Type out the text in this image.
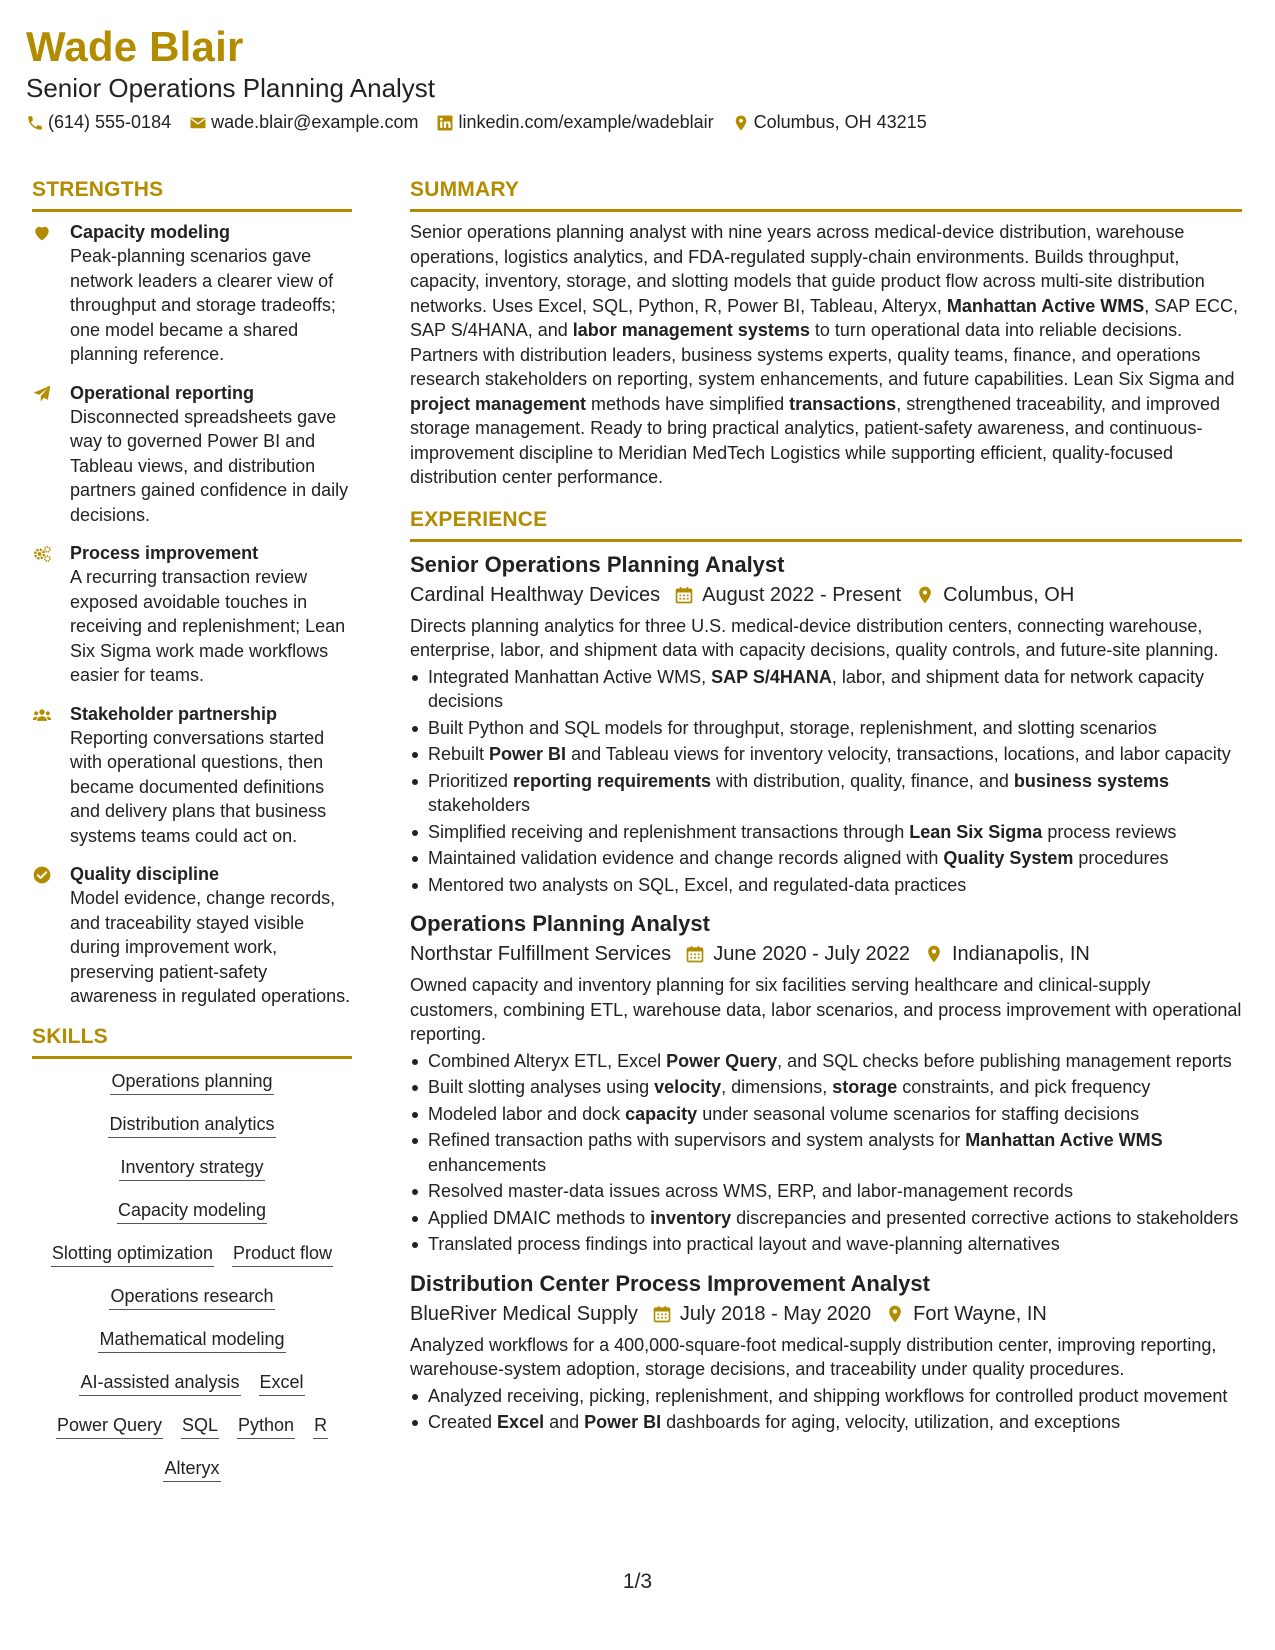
Wade Blair
Senior Operations Planning Analyst
(614) 555-0184 wade.blair@example.com linkedin.com/example/wadeblair Columbus, OH 43215
STRENGTHS
Capacity modeling
Peak-planning scenarios gave network leaders a clearer view of throughput and storage tradeoffs; one model became a shared planning reference.
Operational reporting
Disconnected spreadsheets gave way to governed Power BI and Tableau views, and distribution partners gained confidence in daily decisions.
Process improvement
A recurring transaction review exposed avoidable touches in receiving and replenishment; Lean Six Sigma work made workflows easier for teams.
Stakeholder partnership
Reporting conversations started with operational questions, then became documented definitions and delivery plans that business systems teams could act on.
Quality discipline
Model evidence, change records, and traceability stayed visible during improvement work, preserving patient-safety awareness in regulated operations.
SKILLS
Operations planning
Distribution analytics
Inventory strategy
Capacity modeling
Slotting optimization Product flow
Operations research
Mathematical modeling
AI-assisted analysis Excel
Power Query SQL Python R
Alteryx
SUMMARY
Senior operations planning analyst with nine years across medical-device distribution, warehouse operations, logistics analytics, and FDA-regulated supply-chain environments. Builds throughput, capacity, inventory, storage, and slotting models that guide product flow across multi-site distribution networks. Uses Excel, SQL, Python, R, Power BI, Tableau, Alteryx, Manhattan Active WMS, SAP ECC, SAP S/4HANA, and labor management systems to turn operational data into reliable decisions. Partners with distribution leaders, business systems experts, quality teams, finance, and operations research stakeholders on reporting, system enhancements, and future capabilities. Lean Six Sigma and project management methods have simplified transactions, strengthened traceability, and improved storage management. Ready to bring practical analytics, patient-safety awareness, and continuous-improvement discipline to Meridian MedTech Logistics while supporting efficient, quality-focused distribution center performance.
EXPERIENCE
Senior Operations Planning Analyst
Cardinal Healthway Devices August 2022 - Present Columbus, OH
Directs planning analytics for three U.S. medical-device distribution centers, connecting warehouse, enterprise, labor, and shipment data with capacity decisions, quality controls, and future-site planning.
Integrated Manhattan Active WMS, SAP S/4HANA, labor, and shipment data for network capacity decisions
Built Python and SQL models for throughput, storage, replenishment, and slotting scenarios
Rebuilt Power BI and Tableau views for inventory velocity, transactions, locations, and labor capacity
Prioritized reporting requirements with distribution, quality, finance, and business systems stakeholders
Simplified receiving and replenishment transactions through Lean Six Sigma process reviews
Maintained validation evidence and change records aligned with Quality System procedures
Mentored two analysts on SQL, Excel, and regulated-data practices
Operations Planning Analyst
Northstar Fulfillment Services June 2020 - July 2022 Indianapolis, IN
Owned capacity and inventory planning for six facilities serving healthcare and clinical-supply customers, combining ETL, warehouse data, labor scenarios, and process improvement with operational reporting.
Combined Alteryx ETL, Excel Power Query, and SQL checks before publishing management reports
Built slotting analyses using velocity, dimensions, storage constraints, and pick frequency
Modeled labor and dock capacity under seasonal volume scenarios for staffing decisions
Refined transaction paths with supervisors and system analysts for Manhattan Active WMS enhancements
Resolved master-data issues across WMS, ERP, and labor-management records
Applied DMAIC methods to inventory discrepancies and presented corrective actions to stakeholders
Translated process findings into practical layout and wave-planning alternatives
Distribution Center Process Improvement Analyst
BlueRiver Medical Supply July 2018 - May 2020 Fort Wayne, IN
Analyzed workflows for a 400,000-square-foot medical-supply distribution center, improving reporting, warehouse-system adoption, storage decisions, and traceability under quality procedures.
Analyzed receiving, picking, replenishment, and shipping workflows for controlled product movement
Created Excel and Power BI dashboards for aging, velocity, utilization, and exceptions
1/3
